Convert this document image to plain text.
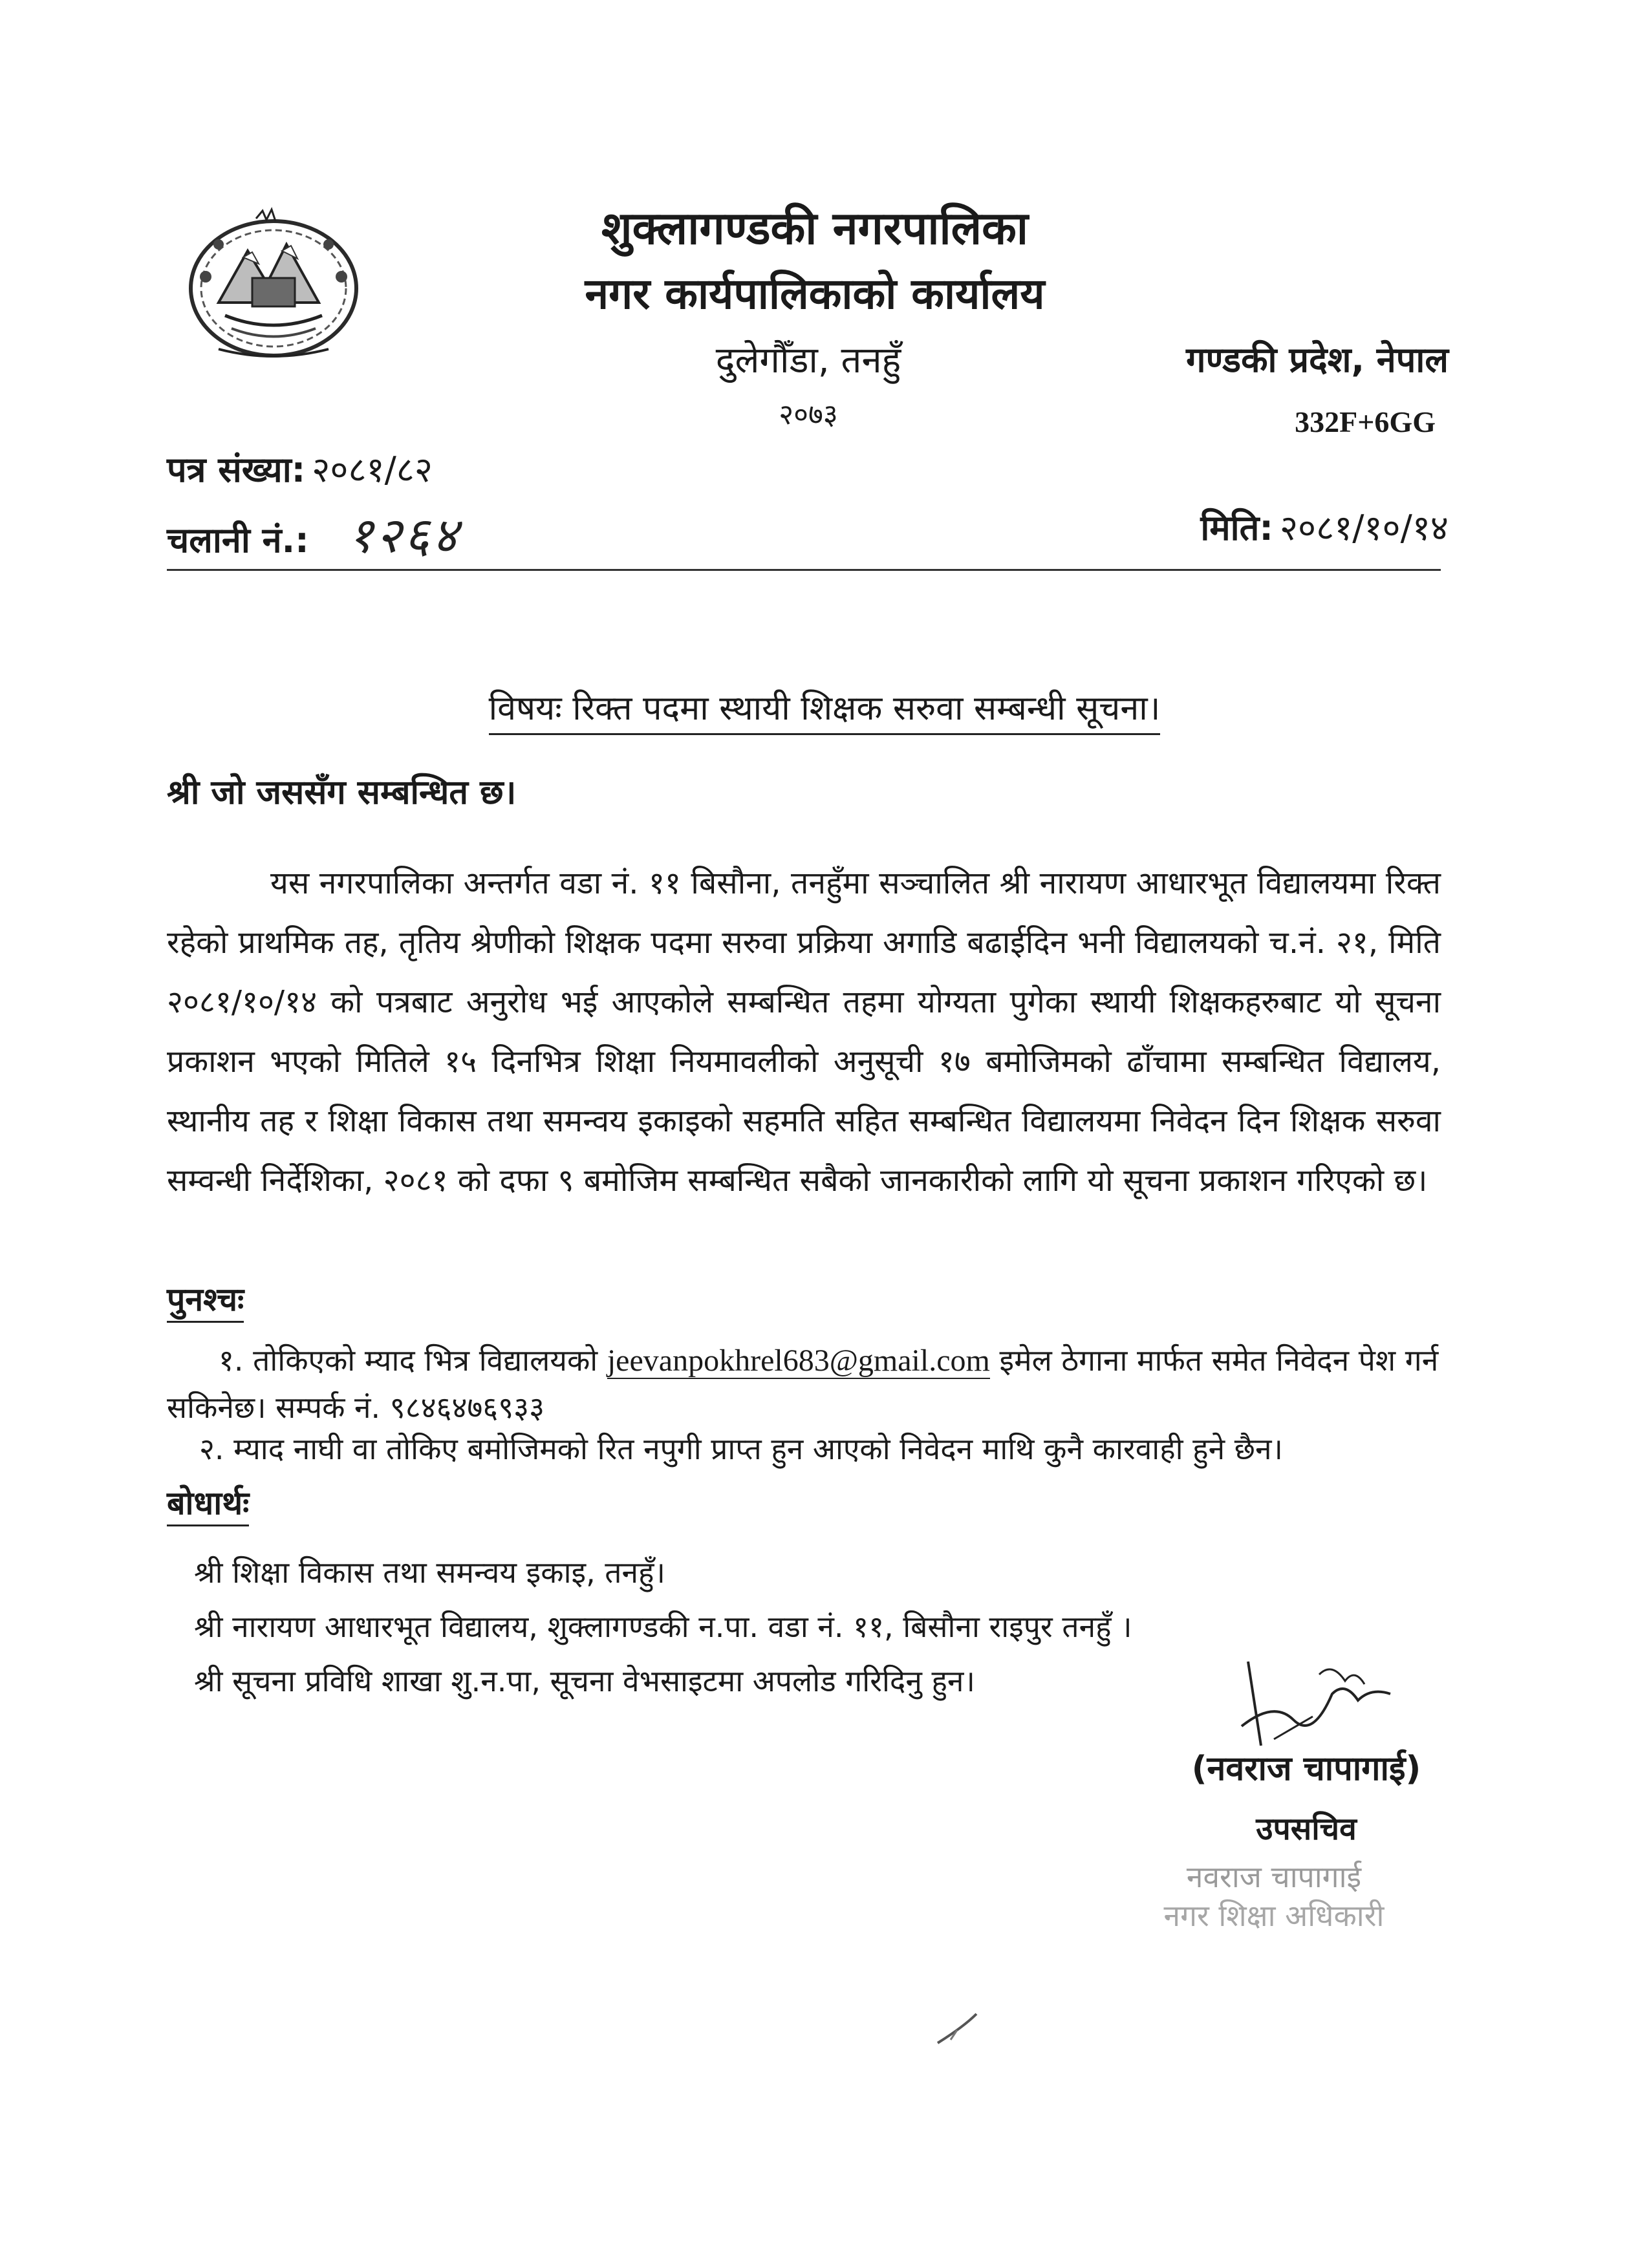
शुक्लागण्डकी नगरपालिका
नगर कार्यपालिकाको कार्यालय
दुलेगौँडा, तनहुँ
२०७३
गण्डकी प्रदेश, नेपाल
332F+6GG
पत्र संख्या: २०८१/८२
चलानी नं.: १२६४	मिति: २०८१/१०/१४
विषयः रिक्त पदमा स्थायी शिक्षक सरुवा सम्बन्धी सूचना।
श्री जो जससँग सम्बन्धित छ।
यस नगरपालिका अन्तर्गत वडा नं. ११ बिसौना, तनहुँमा सञ्चालित श्री नारायण आधारभूत विद्यालयमा रिक्त रहेको प्राथमिक तह, तृतिय श्रेणीको शिक्षक पदमा सरुवा प्रक्रिया अगाडि बढाईदिन भनी विद्यालयको च.नं. २१, मिति २०८१/१०/१४ को पत्रबाट अनुरोध भई आएकोले सम्बन्धित तहमा योग्यता पुगेका स्थायी शिक्षकहरुबाट यो सूचना प्रकाशन भएको मितिले १५ दिनभित्र शिक्षा नियमावलीको अनुसूची १७ बमोजिमको ढाँचामा सम्बन्धित विद्यालय, स्थानीय तह र शिक्षा विकास तथा समन्वय इकाइको सहमति सहित सम्बन्धित विद्यालयमा निवेदन दिन शिक्षक सरुवा सम्वन्धी निर्देशिका, २०८१ को दफा ९ बमोजिम सम्बन्धित सबैको जानकारीको लागि यो सूचना प्रकाशन गरिएको छ।
पुनश्चः
१. तोकिएको म्याद भित्र विद्यालयको jeevanpokhrel683@gmail.com इमेल ठेगाना मार्फत समेत निवेदन पेश गर्न सकिनेछ। सम्पर्क नं. ९८४६४७६९३३
२. म्याद नाघी वा तोकिए बमोजिमको रित नपुगी प्राप्त हुन आएको निवेदन माथि कुनै कारवाही हुने छैन।
बोधार्थः
श्री शिक्षा विकास तथा समन्वय इकाइ, तनहुँ।
श्री नारायण आधारभूत विद्यालय, शुक्लागण्डकी न.पा. वडा नं. ११, बिसौना राइपुर तनहुँ ।
श्री सूचना प्रविधि शाखा शु.न.पा, सूचना वेभसाइटमा अपलोड गरिदिनु हुन।
(नवराज चापागाई)
उपसचिव
नवराज चापागाई
नगर शिक्षा अधिकारी
